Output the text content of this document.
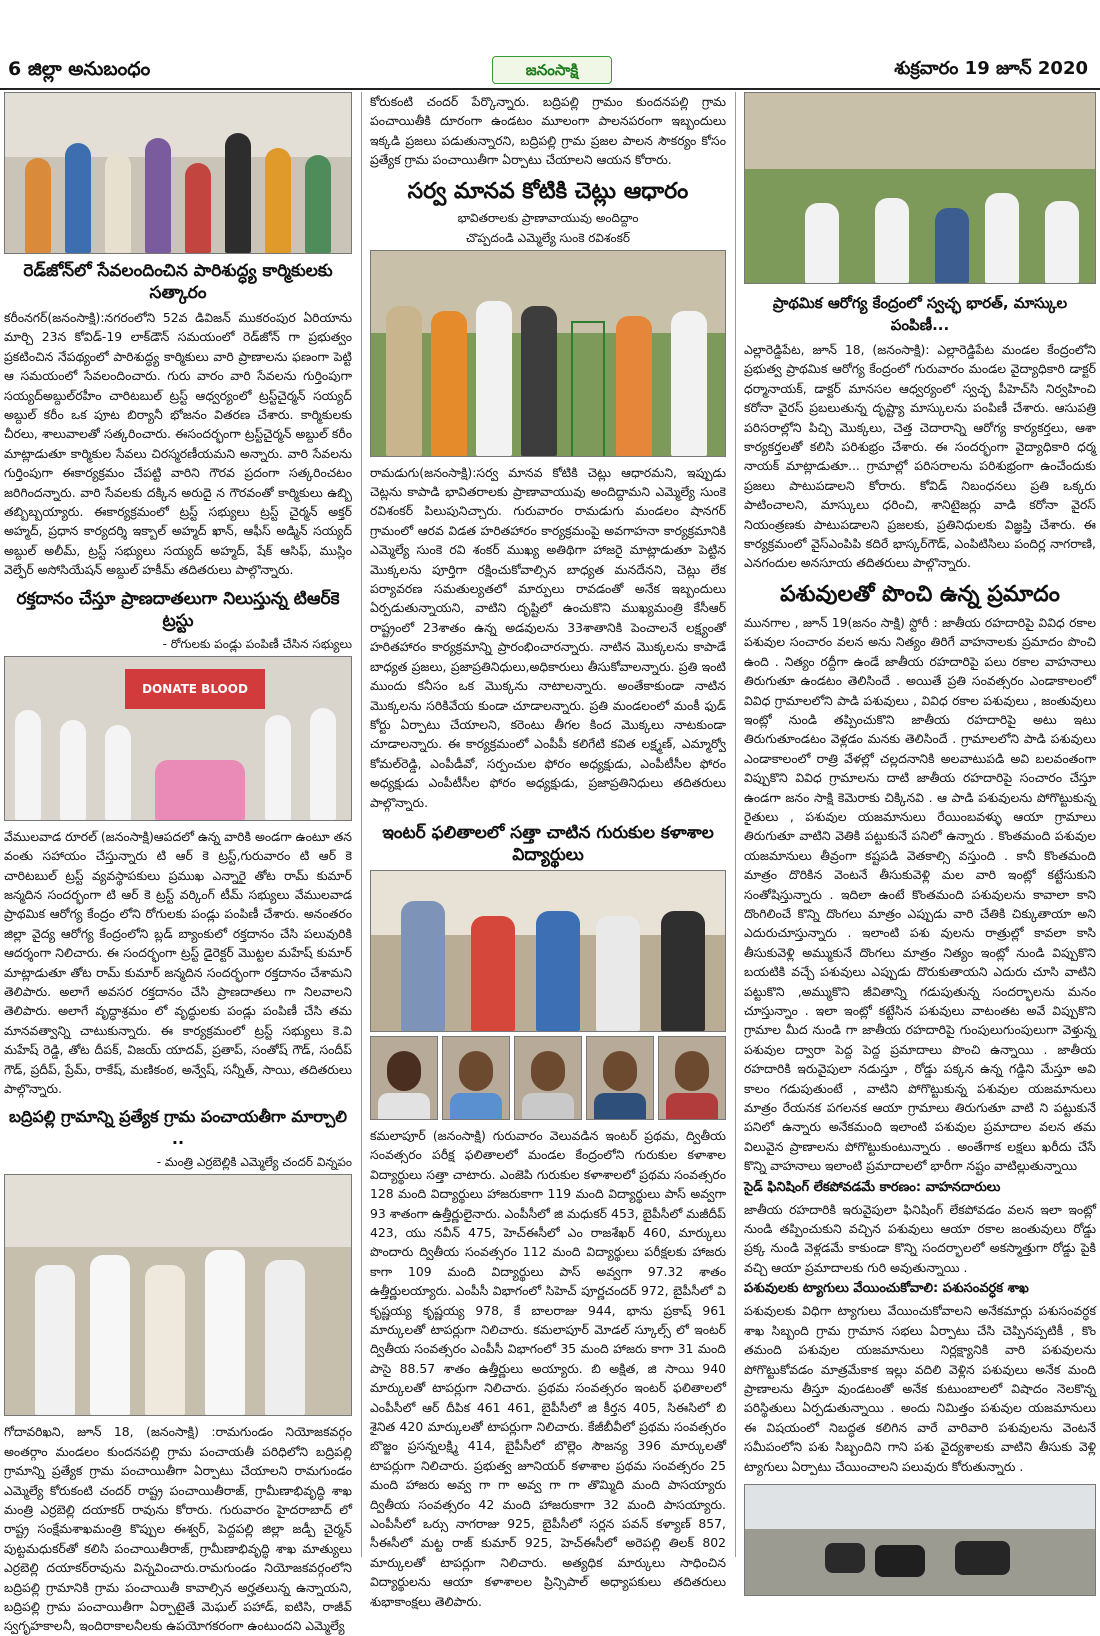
6 జిల్లా అనుబంధం	జనంసాక్షి	శుక్రవారం 19 జూన్ 2020
రెడ్‌జోన్‌లో సేవలందించిన పారిశుద్ధ్య కార్మికులకు సత్కారం

కరీంనగర్(జనంసాక్షి):నగరంలోని 52వ డివిజన్ ముకరంపుర ఏరియాను మార్చి 23న కోవిడ్-19 లాక్‌డౌన్ సమయంలో రెడ్‌జోన్ గా ప్రభుత్వం ప్రకటించిన నేపథ్యంలో పారిశుద్ధ్య కార్మికులు వారి ప్రాణాలను ఫణంగా పెట్టి ఆ సమయంలో సేవలందించారు. గురు వారం వారి సేవలను గుర్తింపుగా సయ్యద్‌అబ్దుల్‌రహీం చారిటబుల్ ట్రస్ట్ ఆధ్వర్యంలో ట్రస్ట్‌చైర్మన్ సయ్యద్ అబ్దుల్ కరీం ఒక పూట బిర్యానీ భోజనం వితరణ చేశారు. కార్మికులకు చీరలు, శాలువాలతో సత్కరించారు. ఈసందర్భంగా ట్రస్ట్‌చైర్మన్ అబ్దుల్ కరీం మాట్లాడుతూ కార్మికుల సేవలు చిరస్మరణీయమని అన్నారు. వారి సేవలను గుర్తింపుగా ఈకార్యక్రమం చేపట్టి వారిని గౌరవ ప్రదంగా సత్కరించటం జరిగిందన్నారు. వారి సేవలకు దక్కిన అరుదై న గౌరవంతో కార్మికులు ఉబ్బి తబ్బిబ్బయ్యారు. ఈకార్యక్రమంలో ట్రస్ట్ సభ్యులు ట్రస్ట్ చైర్మన్ అక్తర్ అహ్మద్, ప్రధాన కార్యదర్శి ఇక్బాల్ అహ్మద్ ఖాన్, ఆఫీస్ అడ్మిన్ సయ్యద్ అబ్దుల్ అలీమ్, ట్రస్ట్ సభ్యులు సయ్యద్ అహ్మద్, షేక్ ఆసిఫ్, ముస్లిం వెల్ఫేర్ అసోసియేషన్ అబ్దుల్ హకీమ్ తదితరులు పాల్గొన్నారు.

రక్తదానం చేస్తూ ప్రాణదాతలుగా నిలుస్తున్న టిఆర్‌కె ట్రస్టు
- రోగులకు పండ్లు పంపిణీ చేసిన సభ్యులు
DONATE BLOOD

వేములవాడ రూరల్ (జనంసాక్షి)ఆపదలో ఉన్న వారికి అండగా ఉంటూ తన వంతు సహాయం చేస్తున్నారు టి ఆర్ కె ట్రస్ట్,గురువారం టి ఆర్ కె చారిటబుల్ ట్రస్ట్ వ్యవస్థాపకులు ప్రముఖ ఎన్నారై తోట రామ్ కుమార్ జన్మదిన సందర్భంగా టి ఆర్ కె ట్రస్ట్ వర్కింగ్ టీమ్ సభ్యులు వేములవాడ ప్రాథమిక ఆరోగ్య కేంద్రం లోని రోగులకు పండ్లు పంపిణీ చేశారు. అనంతరం జిల్లా వైద్య ఆరోగ్య కేంద్రంలోని బ్లడ్ బ్యాంకులో రక్తదానం చేసి పలువురికి ఆదర్శంగా నిలిచారు. ఈ సందర్భంగా ట్రస్ట్ డైరెక్టర్ మొట్టల మహేష్ కుమార్ మాట్లాడుతూ తోట రామ్ కుమార్ జన్మదిన సందర్భంగా రక్తదానం చేశామని తెలిపారు. అలాగే అవసర రక్తదానం చేసి ప్రాణదాతలు గా నిలవాలని తెలిపారు. అలాగే వృద్ధాశ్రమం లో వృద్ధులకు పండ్లు పంపిణీ చేసి తమ మానవత్వాన్ని చాటుకున్నారు. ఈ కార్యక్రమంలో ట్రస్ట్ సభ్యులు కె.వి మహేష్ రెడ్డి, తోట దీపక్, విజయ్ యాదవ్, ప్రతాప్, సంతోష్ గౌడ్, సందీప్ గౌడ్, ప్రదీప్, ప్రేమ్, రాకేష్, మణికంఠ, అన్వేష్, సన్నీత్, సాయి, తదితరులు పాల్గొన్నారు.

బద్రిపల్లి గ్రామాన్ని ప్రత్యేక గ్రామ పంచాయతీగా మార్చాలి ..
- మంత్రి ఎర్రబెల్లికి ఎమ్మెల్యే చందర్ విన్నపం

గోదావరిఖని, జూన్ 18, (జనంసాక్షి) :రామగుండం నియోజకవర్గం అంతర్గాం మండలం కుందనపల్లి గ్రామ పంచాయతీ పరిధిలోని బద్రిపల్లి గ్రామాన్ని ప్రత్యేక గ్రామ పంచాయితీగా ఏర్పాటు చేయాలని రామగుండం ఎమ్మెల్యే కోరుకంటి చందర్ రాష్ట్ర పంచాయితీరాజ్, గ్రామీణాభివృద్ధి శాఖ మంత్రి ఎర్రబెల్లి దయాకర్ రావును కోరారు. గురువారం హైదరాబాద్ లో రాష్ట్ర సంక్షేమశాఖమంత్రి కొప్పుల ఈశ్వర్, పెద్దపల్లి జిల్లా జడ్పీ చైర్మన్ పుట్టమధుకర్‌తో కలిసి పంచాయితీరాజ్, గ్రామీణాభివృద్ధి శాఖ మాత్యులు ఎర్రబెల్లి దయాకర్‌రావును విన్నవించారు.రామగుండం నియోజకవర్గంలోని బద్రిపల్లి గ్రామానికి గ్రామ పంచాయితీ కావాల్సిన అర్హతలున్న ఉన్నాయని, బద్రిపల్లి గ్రామ పంచాయితీగా ఏర్పాటైతే మెఘల్ పహాడ్, ఐటిసి, రాజీవ్ స్వగృహకాలనీ, ఇందిరాకాలనీలకు ఉపయోగకరంగా ఉంటుందని ఎమ్మెల్యే

కోరుకంటి చందర్ పేర్కొన్నారు. బద్రిపల్లి గ్రామం కుందనపల్లి గ్రామ పంచాయితీకి దూరంగా ఉండటం మూలంగా పాలనపరంగా ఇబ్బందులు ఇక్కడి ప్రజలు పడుతున్నారని, బద్రిపల్లి గ్రామ ప్రజల పాలన సౌకర్యం కోసం ప్రత్యేక గ్రామ పంచాయితీగా ఏర్పాటు చేయాలని ఆయన కోరారు.

సర్వ మానవ కోటికి చెట్లు ఆధారం
భావితరాలకు ప్రాణావాయువు అందిద్దాం
చొప్పదండి ఎమ్మెల్యే సుంకె రవిశంకర్

రామడుగు(జనంసాక్షి):సర్వ మానవ కోటికి చెట్లు ఆధారమని, ఇప్పుడు చెట్లను కాపాడి భావితరాలకు ప్రాణావాయువు అందిద్దామని ఎమ్మెల్యే సుంకె రవిశంకర్ పిలుపునిచ్చారు. గురువారం రామడుగు మండలం షానగర్ గ్రామంలో ఆరవ విడత హరితహారం కార్యక్రమంపై అవగాహనా కార్యక్రమానికి ఎమ్మెల్యే సుంకె రవి శంకర్ ముఖ్య అతిథిగా హాజరై మాట్లాడుతూ పెట్టిన మొక్కలను పూర్తిగా రక్షించుకోవాల్సిన బాధ్యత మనదేనని, చెట్లు లేక పర్యావరణ సమతుల్యతలో మార్పులు రావడంతో అనేక ఇబ్బందులు ఏర్పడుతున్నాయని, వాటిని దృష్టిలో ఉంచుకొని ముఖ్యమంత్రి కేసీఆర్ రాష్ట్రంలో 23శాతం ఉన్న అడవులను 33శాతానికి పెంచాలనే లక్ష్యంతో హరితహారం కార్యక్రమాన్ని ప్రారంభించారన్నారు. నాటిన మొక్కలను కాపాడే బాధ్యత ప్రజలు, ప్రజాప్రతినిధులు,అధికారులు తీసుకోవాలన్నారు. ప్రతి ఇంటి ముందు కనీసం ఒక మొక్కను నాటాలన్నారు. అంతేకాకుండా నాటిన మొక్కలను సరికివేయ కుండా చూడాలన్నారు. ప్రతి మండలంలో మంకీ ఫుడ్ కోర్టు ఏర్పాటు చేయాలని, కరెంటు తీగల కింద మొక్కలు నాటకుండా చూడాలన్నారు. ఈ కార్యక్రమంలో ఎంపీపీ కలిగేటి కవిత లక్ష్మణ్, ఎమ్మార్వో కోమల్‌రెడ్డి, ఎంపీడీవో, సర్పంచుల ఫోరం అధ్యక్షుడు, ఎంపీటీసీల ఫోరం అధ్యక్షుడు ఎంపీటీసీల ఫోరం అధ్యక్షుడు, ప్రజాప్రతినిధులు తదితరులు పాల్గొన్నారు.

ఇంటర్ ఫలితాలలో సత్తా చాటిన గురుకుల కళాశాల విద్యార్థులు

కమలాపూర్ (జనంసాక్షి) గురువారం వెలువడిన ఇంటర్ ప్రథమ, ద్వితీయ సంవత్సరం పరీక్ష ఫలితాలలో మండల కేంద్రంలోని గురుకుల కళాశాల విద్యార్థులు సత్తా చాటారు. ఎంజెపి గురుకుల కళాశాలలో ప్రథమ సంవత్సరం 128 మంది విద్యార్థులు హాజరుకాగా 119 మంది విద్యార్థులు పాస్ అవ్వగా 93 శాతంగా ఉత్తీర్ణులైనారు. ఎంపీసీలో జి మధుకర్ 453, బైపీసీలో మజీదీప్ 423, యు నవీన్ 475, హెచ్ఈసీలో ఎం రాజశేఖర్ 460, మార్కులు పొందారు ద్వితీయ సంవత్సరం 112 మంది విద్యార్థులు పరీక్షలకు హాజరు కాగా 109 మంది విద్యార్థులు పాస్ అవ్వగా 97.32 శాతం ఉత్తీర్ణులయ్యారు. ఎంపీసీ విభాగంలో సిహెచ్ పూర్ణచందర్ 972, బైపీసీలో వి కృష్ణయ్య కృష్ణయ్య 978, కే బాలరాజు 944, భాను ప్రకాష్ 961 మార్కులతో టాపర్లుగా నిలిచారు. కమలాపూర్ మోడల్ స్కూల్స్ లో ఇంటర్ ద్వితీయ సంవత్సరం ఎంపీసీ విభాగంలో 35 మంది హాజరు కాగా 31 మంది పాసై 88.57 శాతం ఉత్తీర్ణులు అయ్యారు. బి అక్షిత, జి సాయి 940 మార్కులతో టాపర్లుగా నిలిచారు. ప్రథమ సంవత్సరం ఇంటర్ ఫలితాలలో ఎంపీసీలో ఆర్ దీపిక 461 461, బైపీసీలో జి కీర్తన 405, సిఈసిలో బి శైనిత 420 మార్కులతో టాపర్లుగా నిలిచారు. కేజీబీవీలో ప్రథమ సంవత్సరం బొజ్జం ప్రసన్నలక్ష్మి 414, బైపీసీలో బొల్లెం సౌజన్య 396 మార్కులతో టాపర్లుగా నిలిచారు. ప్రభుత్వ జూనియర్ కళాశాల ప్రథమ సంవత్సరం 25 మంది హాజరు అవ్వ గా గా అవ్వ గా గా తొమ్మిది మంది పాసయ్యారు ద్వితీయ సంవత్సరం 42 మంది హాజరుకాగా 32 మంది పాసయ్యారు. ఎంపీసీలో ఒర్సు నాగరాజు 925, బైపీసీలో సర్లన పవన్ కళ్యాణ్ 857, సీఈసీలో మట్ట రాజ్ కుమార్ 925, హెచ్ఈసీలో అరెపల్లి తిలక్ 802 మార్కులతో టాపర్లుగా నిలిచారు. అత్యధిక మార్కులు సాధించిన విద్యార్థులను ఆయా కళాశాలల ప్రిన్సిపాల్ అధ్యాపకులు తదితరులు శుభాకాంక్షలు తెలిపారు.

ప్రాథమిక ఆరోగ్య కేంద్రంలో స్వచ్ఛ భారత్, మాస్కుల పంపిణీ...

ఎల్లారెడ్డిపేట, జూన్ 18, (జనంసాక్షి): ఎల్లారెడ్డిపేట మండల కేంద్రంలోని ప్రభుత్వ ప్రాథమిక ఆరోగ్య కేంద్రంలో గురువారం మండల వైద్యాధికారి డాక్టర్ ధర్మానాయక్, డాక్టర్ మానసల ఆధ్వర్యంలో స్వచ్ఛ పీహెచ్‌సి నిర్వహించి కరోనా వైరస్ ప్రబలుతున్న దృష్ట్యా మాస్కులను పంపిణీ చేశారు. ఆసుపత్రి పరిసరాల్లోని పిచ్చి మొక్కలు, చెత్త చెదారాన్ని ఆరోగ్య కార్యకర్తలు, ఆశా కార్యకర్తలతో కలిసి పరిశుభ్రం చేశారు. ఈ సందర్భంగా వైద్యాధికారి ధర్మ నాయక్ మాట్లాడుతూ... గ్రామాల్లో పరిసరాలను పరిశుభ్రంగా ఉంచేందుకు ప్రజలు పాటుపడాలని కోరారు. కోవిడ్ నిబంధనలు ప్రతి ఒక్కరు పాటించాలని, మాస్కులు ధరించి, శానిటైజర్లు వాడి కరోనా వైరస్ నియంత్రణకు పాటుపడాలని ప్రజలకు, ప్రతినిధులకు విజ్ఞప్తి చేశారు. ఈ కార్యక్రమంలో వైస్ఎంపిపి కదిరే భాస్కర్‌గౌడ్, ఎంపిటిసిలు పందిర్ల నాగరాణి, ఎనగందుల అనసూయ తదితరులు పాల్గొన్నారు.

పశువులతో పొంచి ఉన్న ప్రమాదం

మునగాల , జూన్ 19(జనం సాక్షి) స్టోరీ : జాతీయ రహదారిపై వివిధ రకాల పశువుల సంచారం వలన అను నిత్యం తిరిగే వాహనాలకు ప్రమాదం పొంచి ఉంది . నిత్యం రద్దీగా ఉండే జాతీయ రహదారిపై పలు రకాల వాహనాలు తిరుగుతూ ఉండటం తెలిసిందే . అయితే ప్రతి సంవత్సరం ఎండాకాలంలో వివిధ గ్రామాలలోని పాడి పశువులు , వివిధ రకాల పశువులు , జంతువులు ఇంట్లో నుండి తప్పించుకొని జాతీయ రహదారిపై అటు ఇటు తిరుగుతూండటం వెళ్లడం మనకు తెలిసిందే . గ్రామాలలోని పాడి పశువులు ఎండాకాలంలో రాత్రి వేళల్లో చల్లదనానికి అలవాటుపడి అవి బలవంతంగా విప్పుకొని వివిధ గ్రామాలను దాటి జాతీయ రహదారిపై సంచారం చేస్తూ ఉండగా జనం సాక్షి కెమెరాకు చిక్కినవి . ఆ పాడి పశువులను పోగొట్టుకున్న రైతులు , పశువుల యజమానులు రేయింబవళ్ళు ఆయా గ్రామాలు తిరుగుతూ వాటిని వెతికి పట్టుకునే పనిలో ఉన్నారు . కొంతమంది పశువుల యజమానులు తీవ్రంగా కష్టపడి వెతకాల్సి వస్తుంది . కానీ కొంతమంది మాత్రం దొరికిన వెంటనే తీసుకువెళ్లి మల వారి ఇంట్లో కట్టేసుకుని సంతోషిస్తున్నారు . ఇదిలా ఉంటే కొంతమంది పశువులను కావాలా కాని దొంగిలించే కొన్ని దొంగలు మాత్రం ఎప్పుడు వారి చేతికి చిక్కుతాయా అని ఎదురుచూస్తున్నారు . ఇలాంటి పశు వులను రాత్రుల్లో కావలా కాసి తీసుకువెళ్లి అమ్ముకునే దొంగలు మాత్రం నిత్యం ఇంట్లో నుండి విప్పుకొని బయటికి వచ్చే పశువులు ఎప్పుడు దొరుకుతాయని ఎదురు చూసి వాటిని పట్టుకొని ,అమ్ముకొని జీవితాన్ని గడుపుతున్న సందర్భాలను మనం చూస్తున్నాం . ఇలా ఇంట్లో కట్టేసిన పశువులు వాటంతట అవే విప్పుకొని గ్రామాల మీద నుండి గా జాతీయ రహదారిపై గుంపులుగుంపులుగా వెళ్తున్న పశువుల ద్వారా పెద్ద పెద్ద ప్రమాదాలు పొంచి ఉన్నాయి . జాతీయ రహదారికి ఇరువైపులా నడుస్తూ , రోడ్డు పక్కన ఉన్న గడ్డిని మేస్తూ అవి కాలం గడుపుతుంటే , వాటిని పోగొట్టుకున్న పశువుల యజమానులు మాత్రం రేయనక పగలనక ఆయా గ్రామాలు తిరుగుతూ వాటి ని పట్టుకునే పనిలో ఉన్నారు అనేకమంది ఇలాంటి పశువుల ప్రమాదాల వలన తమ విలువైన ప్రాణాలను పోగొట్టుకుంటున్నారు . అంతేగాక లక్షలు ఖరీదు చేసే కొన్ని వాహనాలు ఇలాంటి ప్రమాదాలలో భారీగా నష్టం వాటిల్లుతున్నాయి

సైడ్ ఫినిషింగ్ లేకపోవడమే కారణం: వాహనదారులు

జాతీయ రహదారికి ఇరువైపులా ఫినిషింగ్ లేకపోవడం వలన ఇలా ఇంట్లో నుండి తప్పించుకుని వచ్చిన పశువులు ఆయా రకాల జంతువులు రోడ్డు ప్రక్క నుండి వెళ్లడమే కాకుండా కొన్ని సందర్భాలలో అకస్మాత్తుగా రోడ్డు పైకి వచ్చి ఆయా ప్రమాదాలకు గురి అవుతున్నాయి .

పశువులకు ట్యాగులు వేయించుకోవాలి: పశుసంవర్ధక శాఖ

పశువులకు విధిగా ట్యాగులు వేయించుకోవాలని అనేకమార్లు పశుసంవర్ధక శాఖ సిబ్బంది గ్రామ గ్రామాన సభలు ఏర్పాటు చేసి చెప్పినప్పటికీ , కొం తమంది పశువుల యజమానులు నిర్లక్ష్యానికి వారి పశువులను పోగొట్టుకోవడం మాత్రమేకాక ఇల్లు వదిలి వెళ్లిన పశువులు అనేక మంది ప్రాణాలను తీస్తూ వుండటంతో అనేక కుటుంబాలలో విషాదం నెలకొన్న పరిస్థితులు ఏర్పడుతున్నాయి . అందు నిమిత్తం పశువుల యజమానులు ఈ విషయంలో నిబద్ధత కలిగిన వారే వారివారి పశువులను వెంటనే సమీపంలోని పశు సిబ్బందిని గాని పశు వైద్యశాలకు వాటిని తీసుకు వెళ్లి ట్యాగులు ఏర్పాటు చేయించాలని పలువురు కోరుతున్నారు .
